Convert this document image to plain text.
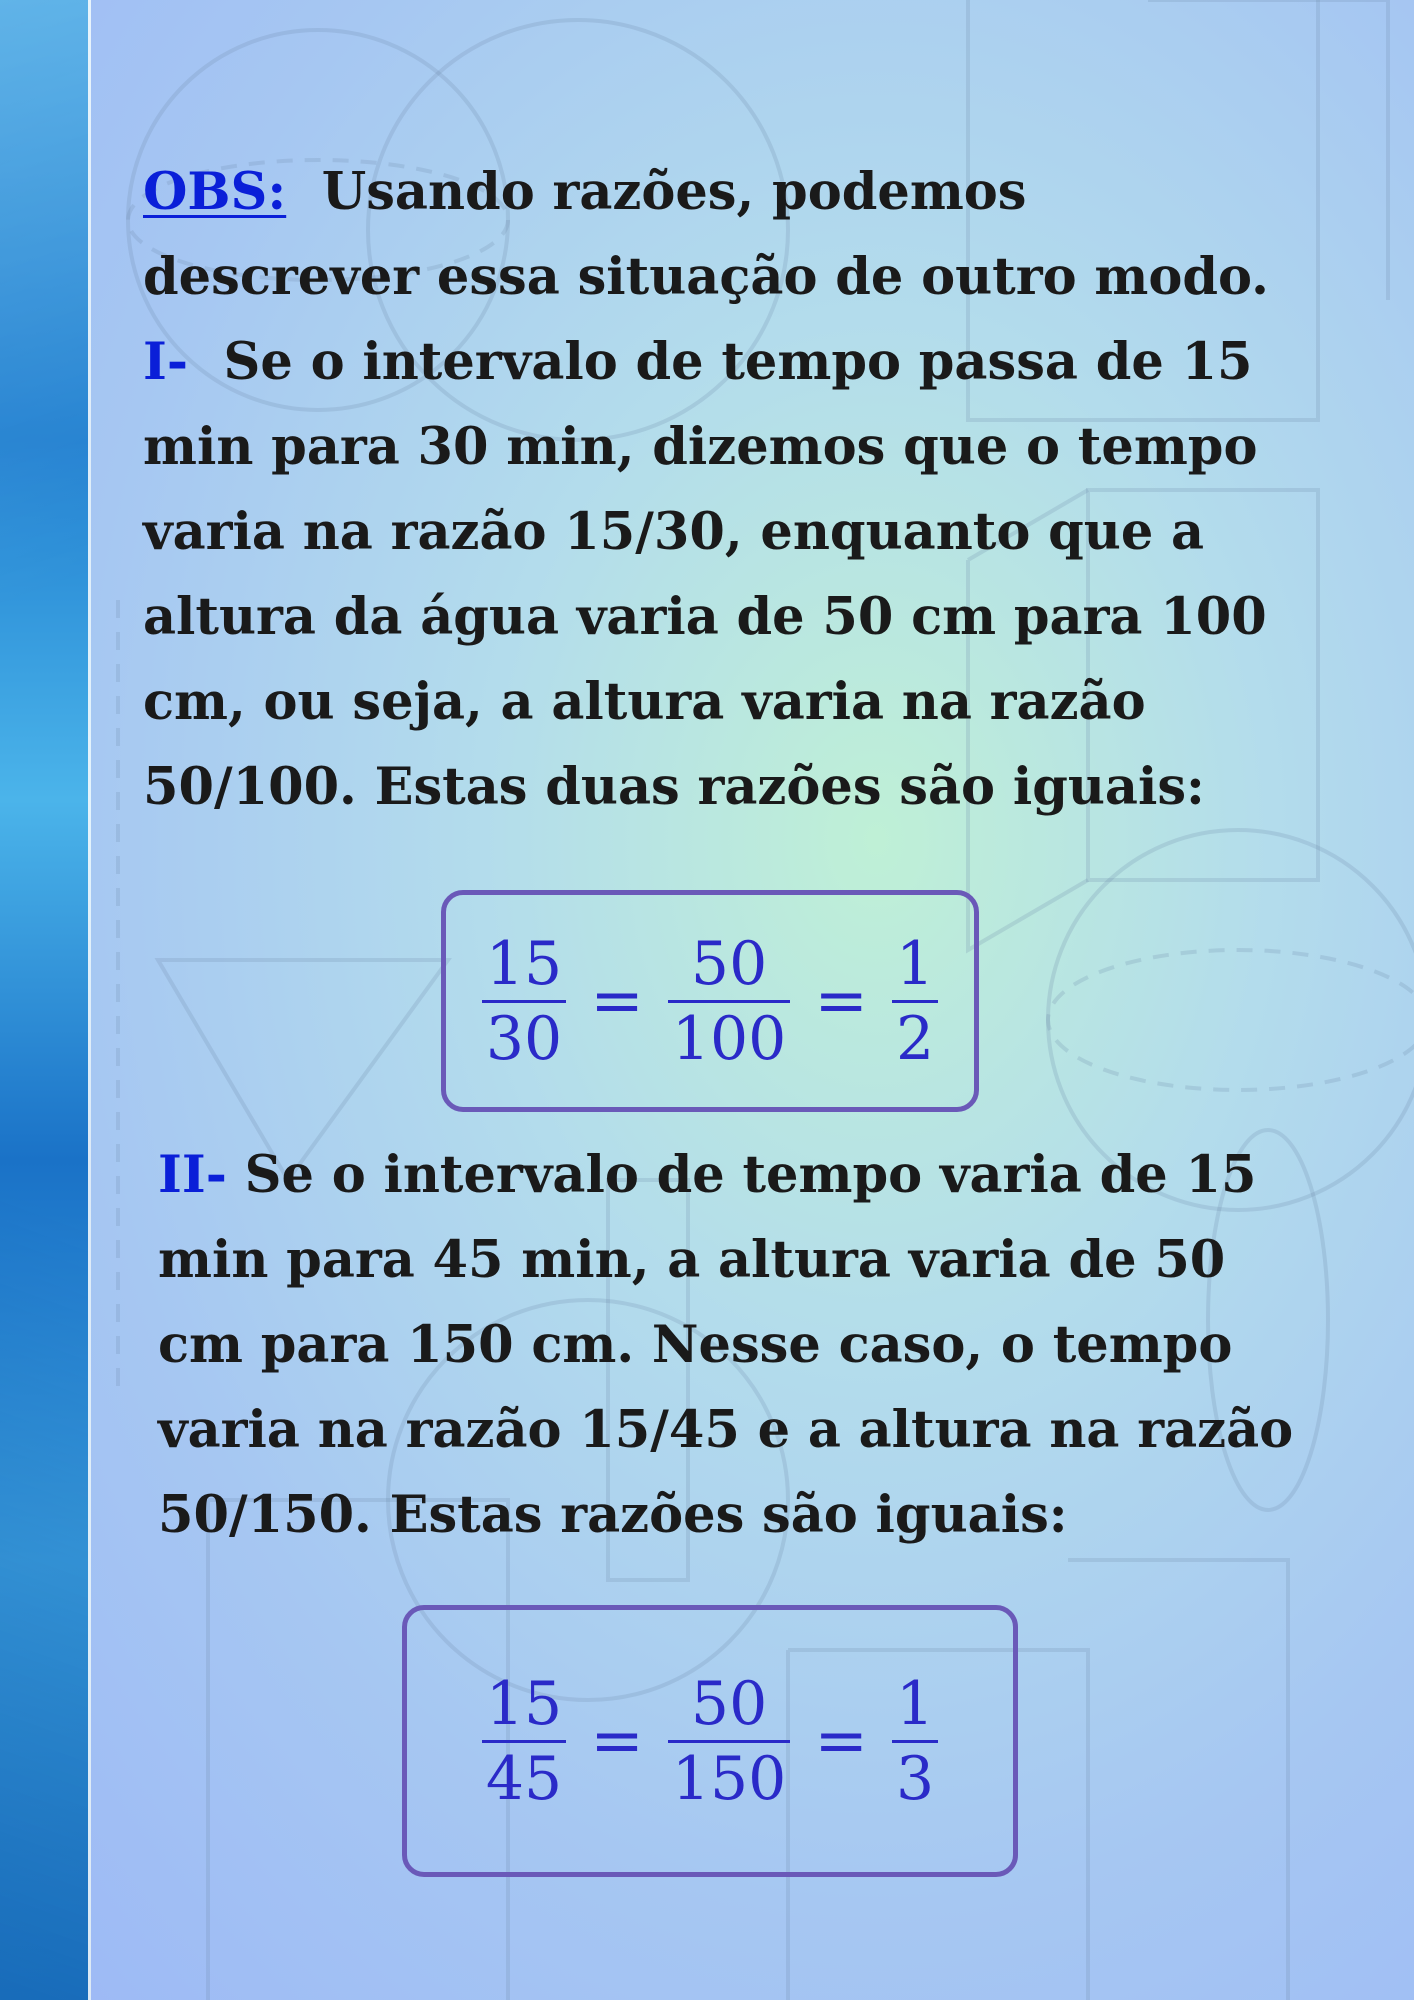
OBS: Usando razões, podemos descrever essa situação de outro modo.

I- Se o intervalo de tempo passa de 15 min para 30 min, dizemos que o tempo varia na razão 15/30, enquanto que a altura da água varia de 50 cm para 100 cm, ou seja, a altura varia na razão 50/100. Estas duas razões são iguais:

$\frac{15}{30} = \frac{50}{100} = \frac{1}{2}$

II- Se o intervalo de tempo varia de 15 min para 45 min, a altura varia de 50 cm para 150 cm. Nesse caso, o tempo varia na razão 15/45 e a altura na razão 50/150. Estas razões são iguais:

$\frac{15}{45} = \frac{50}{150} = \frac{1}{3}$
